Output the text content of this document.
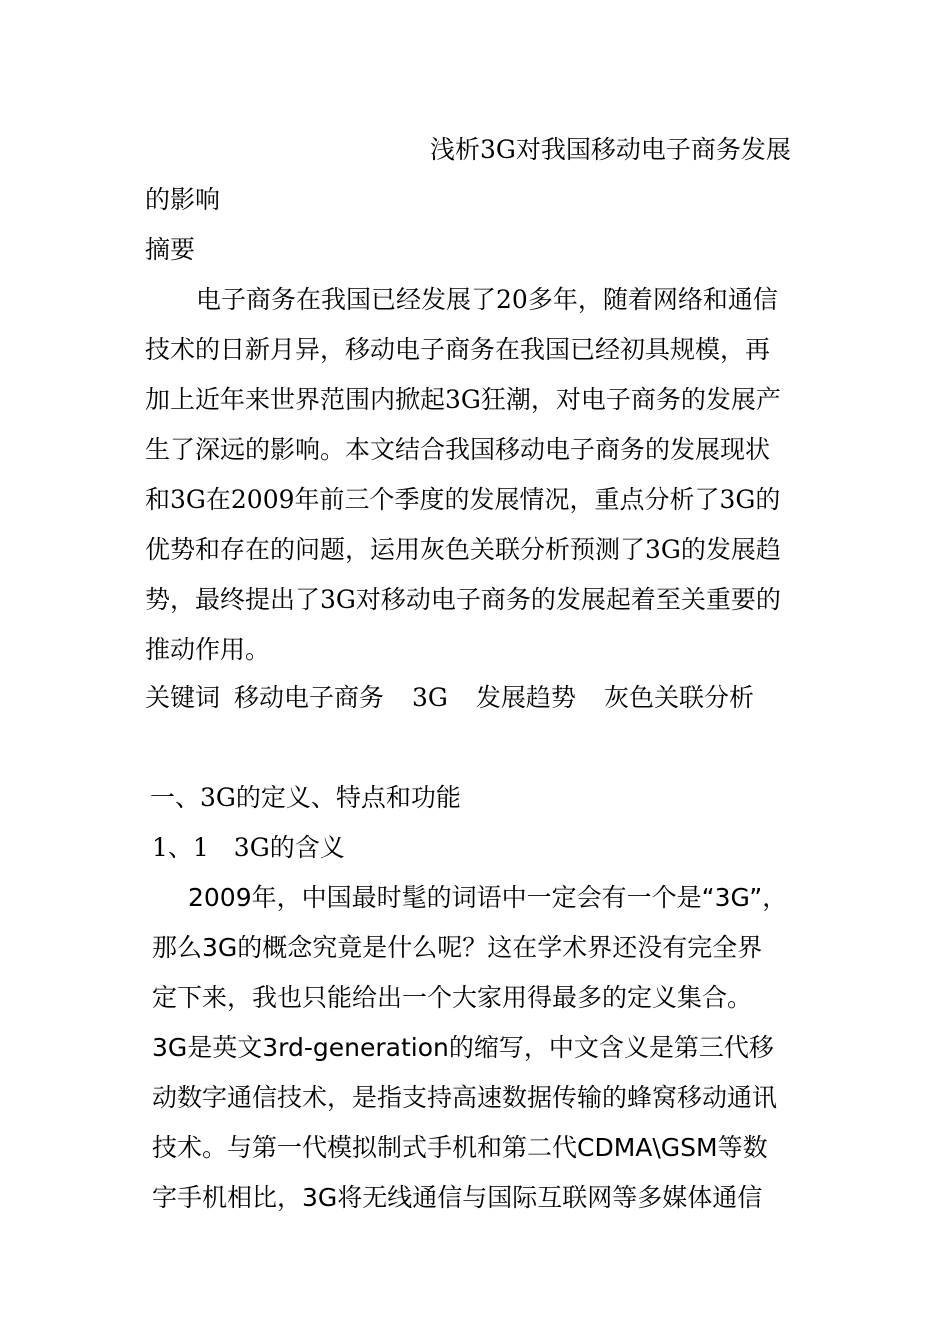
浅析3G对我国移动电子商务发展
的影响
摘要
电子商务在我国已经发展了20多年，随着网络和通信
技术的日新月异，移动电子商务在我国已经初具规模，再
加上近年来世界范围内掀起3G狂潮，对电子商务的发展产
生了深远的影响。本文结合我国移动电子商务的发展现状
和3G在2009年前三个季度的发展情况，重点分析了3G的
优势和存在的问题，运用灰色关联分析预测了3G的发展趋
势，最终提出了3G对移动电子商务的发展起着至关重要的
推动作用。
关键词 移动电子商务 3G 发展趋势 灰色关联分析
一、3G的定义、特点和功能
1、1　3G的含义
2009年，中国最时髦的词语中一定会有一个是“3G”，
那么3G的概念究竟是什么呢？这在学术界还没有完全界
定下来，我也只能给出一个大家用得最多的定义集合。
3G是英文3rd-generation的缩写，中文含义是第三代移
动数字通信技术，是指支持高速数据传输的蜂窝移动通讯
技术。与第一代模拟制式手机和第二代CDMA\GSM等数
字手机相比，3G将无线通信与国际互联网等多媒体通信
